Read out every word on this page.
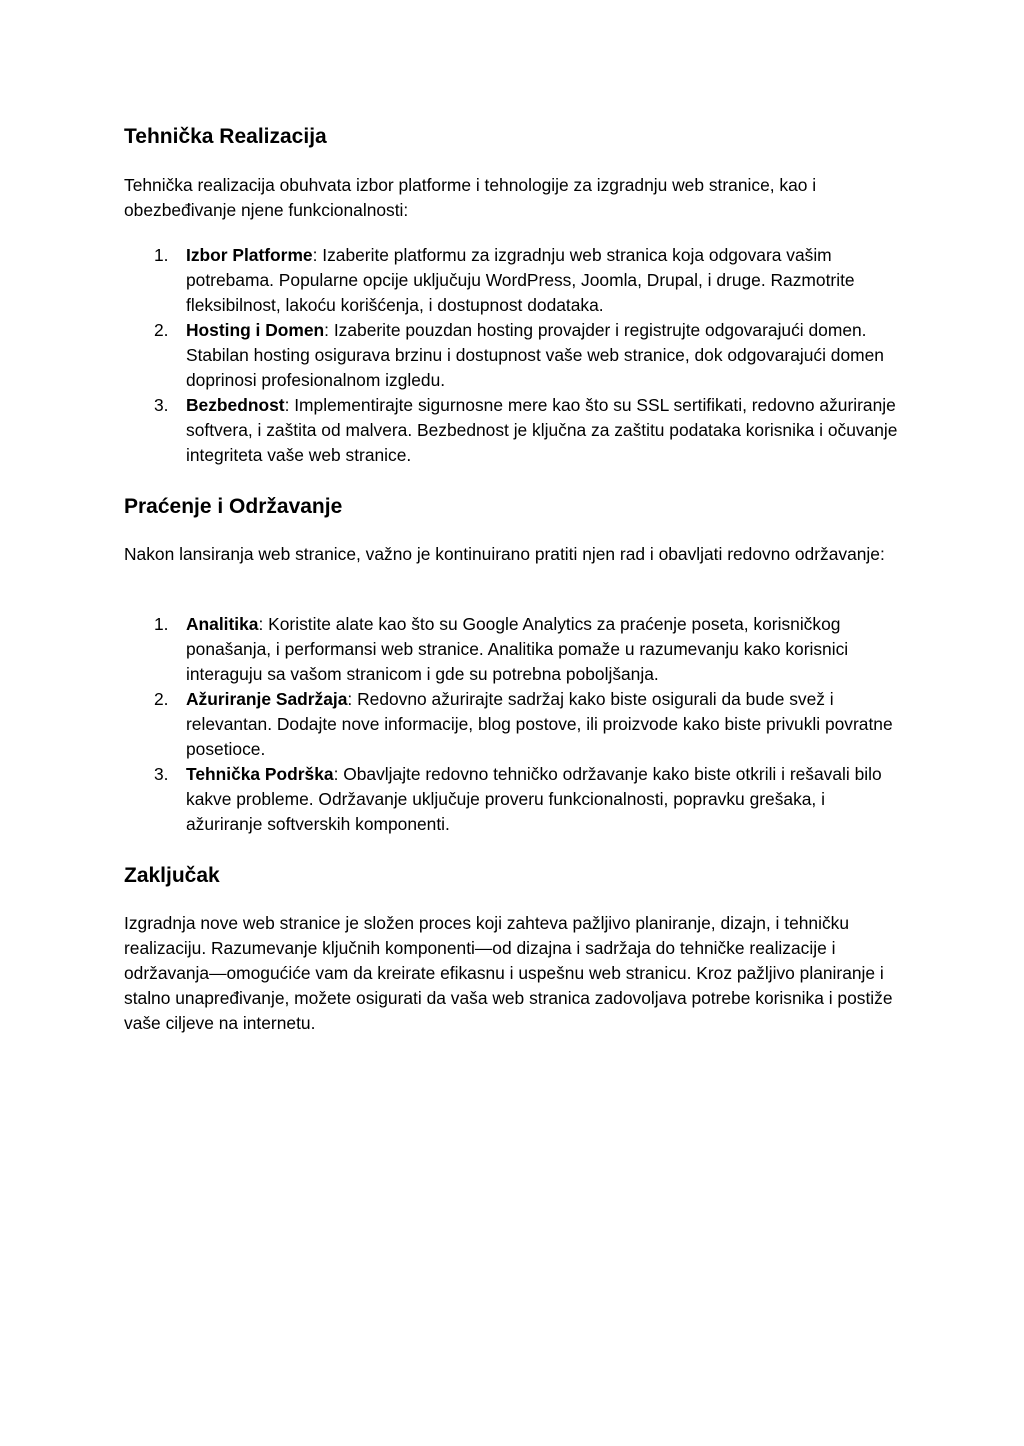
Tehnička Realizacija

Tehnička realizacija obuhvata izbor platforme i tehnologije za izgradnju web stranice, kao i obezbeđivanje njene funkcionalnosti:

1. Izbor Platforme: Izaberite platformu za izgradnju web stranica koja odgovara vašim potrebama. Popularne opcije uključuju WordPress, Joomla, Drupal, i druge. Razmotrite fleksibilnost, lakoću korišćenja, i dostupnost dodataka.
2. Hosting i Domen: Izaberite pouzdan hosting provajder i registrujte odgovarajući domen. Stabilan hosting osigurava brzinu i dostupnost vaše web stranice, dok odgovarajući domen doprinosi profesionalnom izgledu.
3. Bezbednost: Implementirajte sigurnosne mere kao što su SSL sertifikati, redovno ažuriranje softvera, i zaštita od malvera. Bezbednost je ključna za zaštitu podataka korisnika i očuvanje integriteta vaše web stranice.
Praćenje i Održavanje

Nakon lansiranja web stranice, važno je kontinuirano pratiti njen rad i obavljati redovno održavanje:

1. Analitika: Koristite alate kao što su Google Analytics za praćenje poseta, korisničkog ponašanja, i performansi web stranice. Analitika pomaže u razumevanju kako korisnici interaguju sa vašom stranicom i gde su potrebna poboljšanja.
2. Ažuriranje Sadržaja: Redovno ažurirajte sadržaj kako biste osigurali da bude svež i relevantan. Dodajte nove informacije, blog postove, ili proizvode kako biste privukli povratne posetioce.
3. Tehnička Podrška: Obavljajte redovno tehničko održavanje kako biste otkrili i rešavali bilo kakve probleme. Održavanje uključuje proveru funkcionalnosti, popravku grešaka, i ažuriranje softverskih komponenti.
Zaključak

Izgradnja nove web stranice je složen proces koji zahteva pažljivo planiranje, dizajn, i tehničku realizaciju. Razumevanje ključnih komponenti—od dizajna i sadržaja do tehničke realizacije i održavanja—omogućiće vam da kreirate efikasnu i uspešnu web stranicu. Kroz pažljivo planiranje i stalno unapređivanje, možete osigurati da vaša web stranica zadovoljava potrebe korisnika i postiže vaše ciljeve na internetu.
